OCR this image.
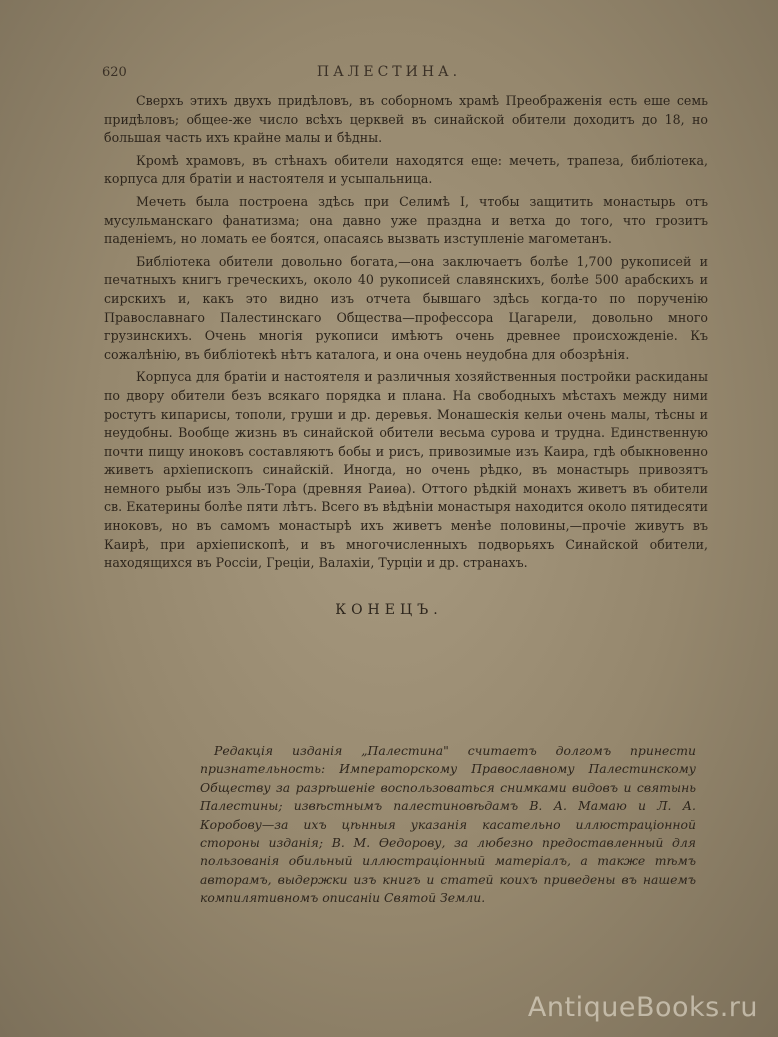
620	ПАЛЕСТИНА.

Сверхъ этихъ двухъ придѣловъ, въ соборномъ храмѣ Преображенія есть еше семь придѣловъ; общее-же число всѣхъ церквей въ синайской обители доходитъ до 18, но большая часть ихъ крайне малы и бѣдны.

Кромѣ храмовъ, въ стѣнахъ обители находятся еще: мечеть, трапеза, библіотека, корпуса для братіи и настоятеля и усыпальница.

Мечеть была построена здѣсь при Селимѣ I, чтобы защитить монастырь отъ мусульманскаго фанатизма; она давно уже праздна и ветха до того, что грозитъ паденіемъ, но ломать ее боятся, опасаясь вызвать изступленіе магометанъ.

Библіотека обители довольно богата,—она заключаетъ болѣе 1,700 рукописей и печатныхъ книгъ греческихъ, около 40 рукописей славянскихъ, болѣе 500 арабскихъ и сирскихъ и, какъ это видно изъ отчета бывшаго здѣсь когда-то по порученію Православнаго Палестинскаго Общества—профессора Цагарели, довольно много грузинскихъ. Очень многія рукописи имѣютъ очень древнее происхожденіе. Къ сожалѣнію, въ библіотекѣ нѣтъ каталога, и она очень неудобна для обозрѣнія.

Корпуса для братіи и настоятеля и различныя хозяйственныя постройки раскиданы по двору обители безъ всякаго порядка и плана. На свободныхъ мѣстахъ между ними ростутъ кипарисы, тополи, груши и др. деревья. Монашескія кельи очень малы, тѣсны и неудобны. Вообще жизнь въ синайской обители весьма сурова и трудна. Единственную почти пищу иноковъ составляютъ бобы и рисъ, привозимые изъ Каира, гдѣ обыкновенно живетъ архіепископъ синайскій. Иногда, но очень рѣдко, въ монастырь привозятъ немного рыбы изъ Эль-Тора (древняя Раиѳа). Оттого рѣдкій монахъ живетъ въ обители св. Екатерины болѣе пяти лѣтъ. Всего въ вѣдѣніи монастыря находится около пятидесяти иноковъ, но въ самомъ монастырѣ ихъ живетъ менѣе половины,—прочіе живутъ въ Каирѣ, при архіепископѣ, и въ многочисленныхъ подворьяхъ Синайской обители, находящихся въ Россіи, Греціи, Валахіи, Турціи и др. странахъ.

КОНЕЦЪ.

Редакція изданія „Палестина" считаетъ долгомъ принести признательность: Императорскому Православному Палестинскому Обществу за разрѣшеніе воспользоваться снимками видовъ и святынь Палестины; извѣстнымъ палестиновѣдамъ В. А. Мамаю и Л. А. Коробову—за ихъ цѣнныя указанія касательно иллюстраціонной стороны изданія; В. М. Ѳедорову, за любезно предоставленный для пользованія обильный иллюстраціонный матеріалъ, а также тѣмъ авторамъ, выдержки изъ книгъ и статей коихъ приведены въ нашемъ компилятивномъ описаніи Святой Земли.

AntiqueBooks.ru
